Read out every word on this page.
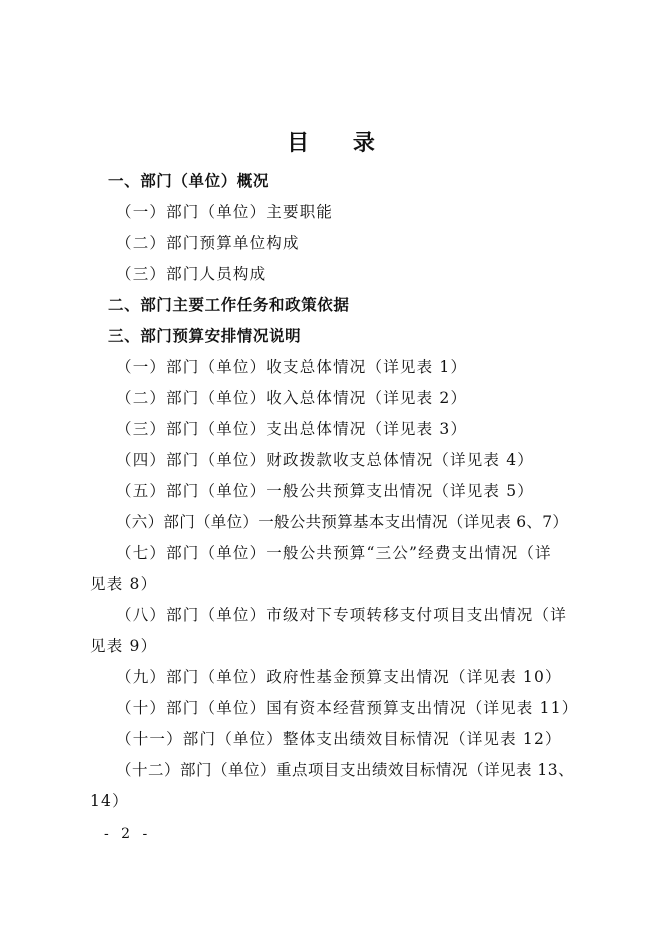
目 录
一、部门（单位）概况
（一）部门（单位）主要职能
（二）部门预算单位构成
（三）部门人员构成
二、部门主要工作任务和政策依据
三、部门预算安排情况说明
（一）部门（单位）收支总体情况（详见表 1）
（二）部门（单位）收入总体情况（详见表 2）
（三）部门（单位）支出总体情况（详见表 3）
（四）部门（单位）财政拨款收支总体情况（详见表 4）
（五）部门（单位）一般公共预算支出情况（详见表 5）
（六）部门（单位）一般公共预算基本支出情况（详见表 6、7）
（七）部门（单位）一般公共预算“三公”经费支出情况（详
见表 8）
（八）部门（单位）市级对下专项转移支付项目支出情况（详
见表 9）
（九）部门（单位）政府性基金预算支出情况（详见表 10）
（十）部门（单位）国有资本经营预算支出情况（详见表 11）
（十一）部门（单位）整体支出绩效目标情况（详见表 12）
（十二）部门（单位）重点项目支出绩效目标情况（详见表 13、
14）
- 2 -
